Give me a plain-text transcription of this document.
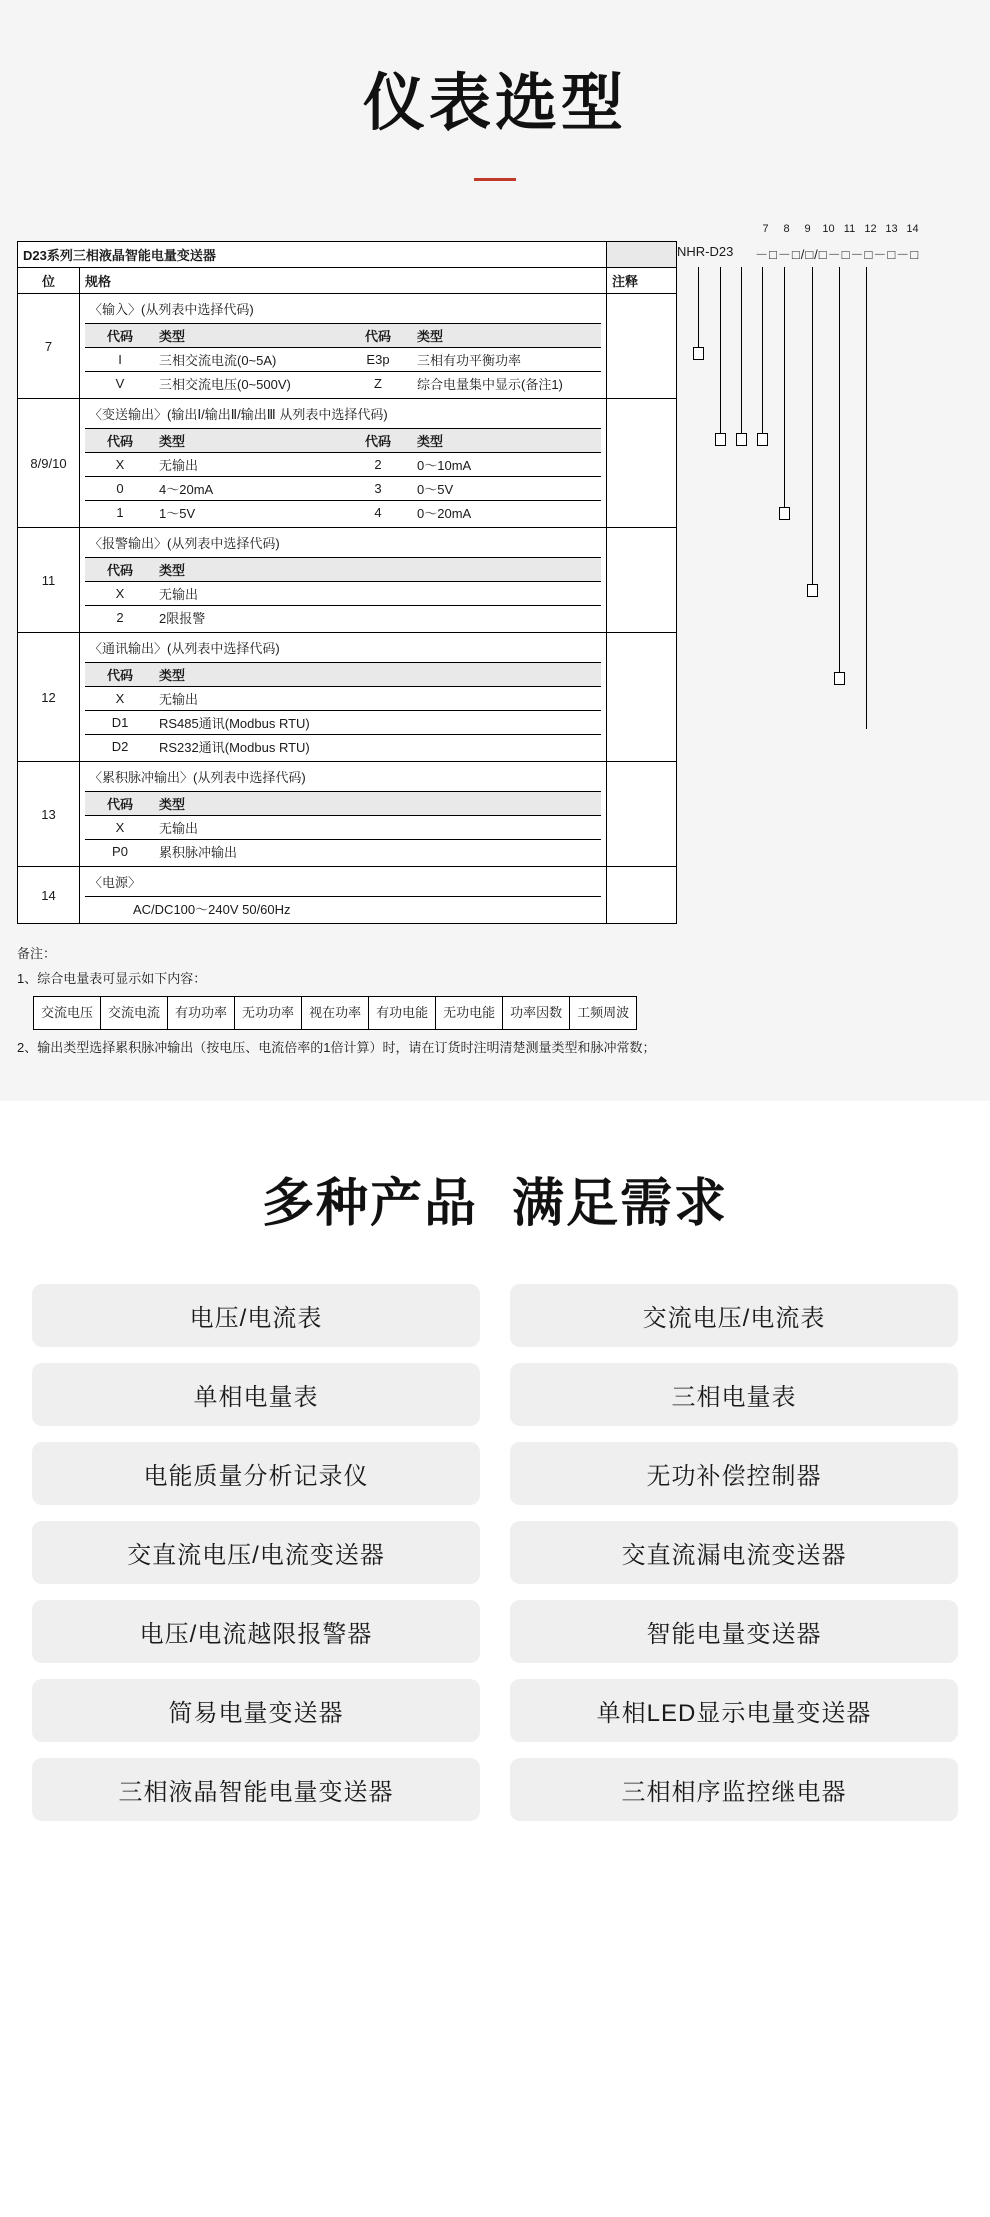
仪表选型
D23系列三相液晶智能电量变送器	
位	规格	注释
7	
〈输入〉(从列表中选择代码)
代码	类型	代码	类型
I	三相交流电流(0~5A)	E3p	三相有功平衡功率
V	三相交流电压(0~500V)	Z	综合电量集中显示(备注1)

8/9/10	
〈变送输出〉(输出Ⅰ/输出Ⅱ/输出Ⅲ 从列表中选择代码)
代码	类型	代码	类型
X	无输出	2	0～10mA
0	4～20mA	3	0～5V
1	1～5V	4	0～20mA

11	
〈报警输出〉(从列表中选择代码)
代码	类型
X	无输出
2	2限报警

12	
〈通讯输出〉(从列表中选择代码)
代码	类型
X	无输出
D1	RS485通讯(Modbus RTU)
D2	RS232通讯(Modbus RTU)

13	
〈累积脉冲输出〉(从列表中选择代码)
代码	类型
X	无输出
P0	累积脉冲输出

14	
〈电源〉
AC/DC100～240V 50/60Hz

7 8 9 10 11 12 13 14
NHR-D23 －□－□/□/□－□－□－□－□
备注：
1、综合电量表可显示如下内容：
交流电压	交流电流	有功功率	无功功率	视在功率	有功电能	无功电能	功率因数	工频周波
2、输出类型选择累积脉冲输出（按电压、电流倍率的1倍计算）时，请在订货时注明清楚测量类型和脉冲常数；
多种产品 满足需求
电压/电流表	交流电压/电流表
单相电量表	三相电量表
电能质量分析记录仪	无功补偿控制器
交直流电压/电流变送器	交直流漏电流变送器
电压/电流越限报警器	智能电量变送器
简易电量变送器	单相LED显示电量变送器
三相液晶智能电量变送器	三相相序监控继电器
